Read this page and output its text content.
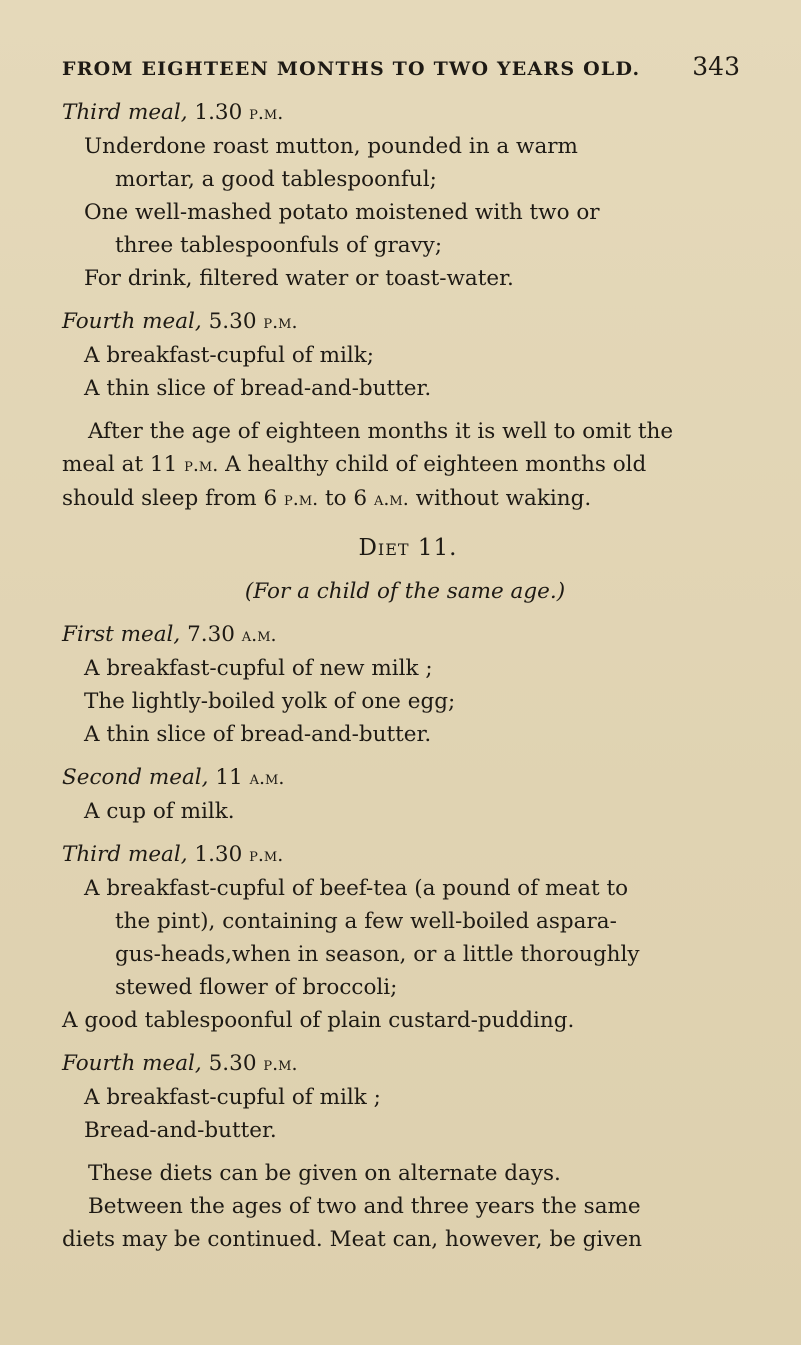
FROM EIGHTEEN MONTHS TO TWO YEARS OLD. 343
Third meal, 1.30 p.m.
Underdone roast mutton, pounded in a warm
mortar, a good tablespoonful;
One well-mashed potato moistened with two or
three tablespoonfuls of gravy;
For drink, filtered water or toast-water.
Fourth meal, 5.30 p.m.
A breakfast-cupful of milk;
A thin slice of bread-and-butter.
After the age of eighteen months it is well to omit the
meal at 11 p.m. A healthy child of eighteen months old
should sleep from 6 p.m. to 6 a.m. without waking.
Diet 11.
(For a child of the same age.)
First meal, 7.30 a.m.
A breakfast-cupful of new milk ;
The lightly-boiled yolk of one egg;
A thin slice of bread-and-butter.
Second meal, 11 a.m.
A cup of milk.
Third meal, 1.30 p.m.
A breakfast-cupful of beef-tea (a pound of meat to
the pint), containing a few well-boiled aspara-
gus-heads,when in season, or a little thoroughly
stewed flower of broccoli;
A good tablespoonful of plain custard-pudding.
Fourth meal, 5.30 p.m.
A breakfast-cupful of milk ;
Bread-and-butter.
These diets can be given on alternate days.
Between the ages of two and three years the same
diets may be continued. Meat can, however, be given
